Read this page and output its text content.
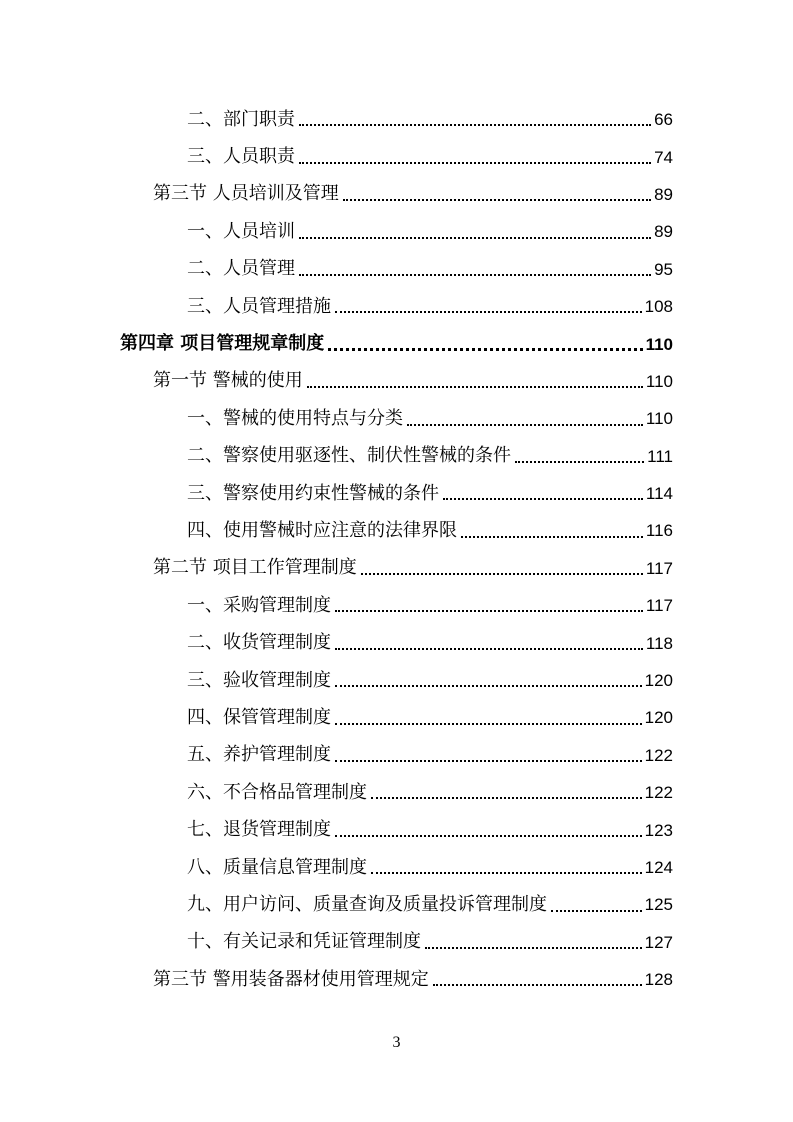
二、部门职责	66
三、人员职责	74
第三节 人员培训及管理	89
一、人员培训	89
二、人员管理	95
三、人员管理措施	108
第四章 项目管理规章制度	110
第一节 警械的使用	110
一、警械的使用特点与分类	110
二、警察使用驱逐性、制伏性警械的条件	111
三、警察使用约束性警械的条件	114
四、使用警械时应注意的法律界限	116
第二节 项目工作管理制度	117
一、采购管理制度	117
二、收货管理制度	118
三、验收管理制度	120
四、保管管理制度	120
五、养护管理制度	122
六、不合格品管理制度	122
七、退货管理制度	123
八、质量信息管理制度	124
九、用户访问、质量查询及质量投诉管理制度	125
十、有关记录和凭证管理制度	127
第三节 警用装备器材使用管理规定	128
3
